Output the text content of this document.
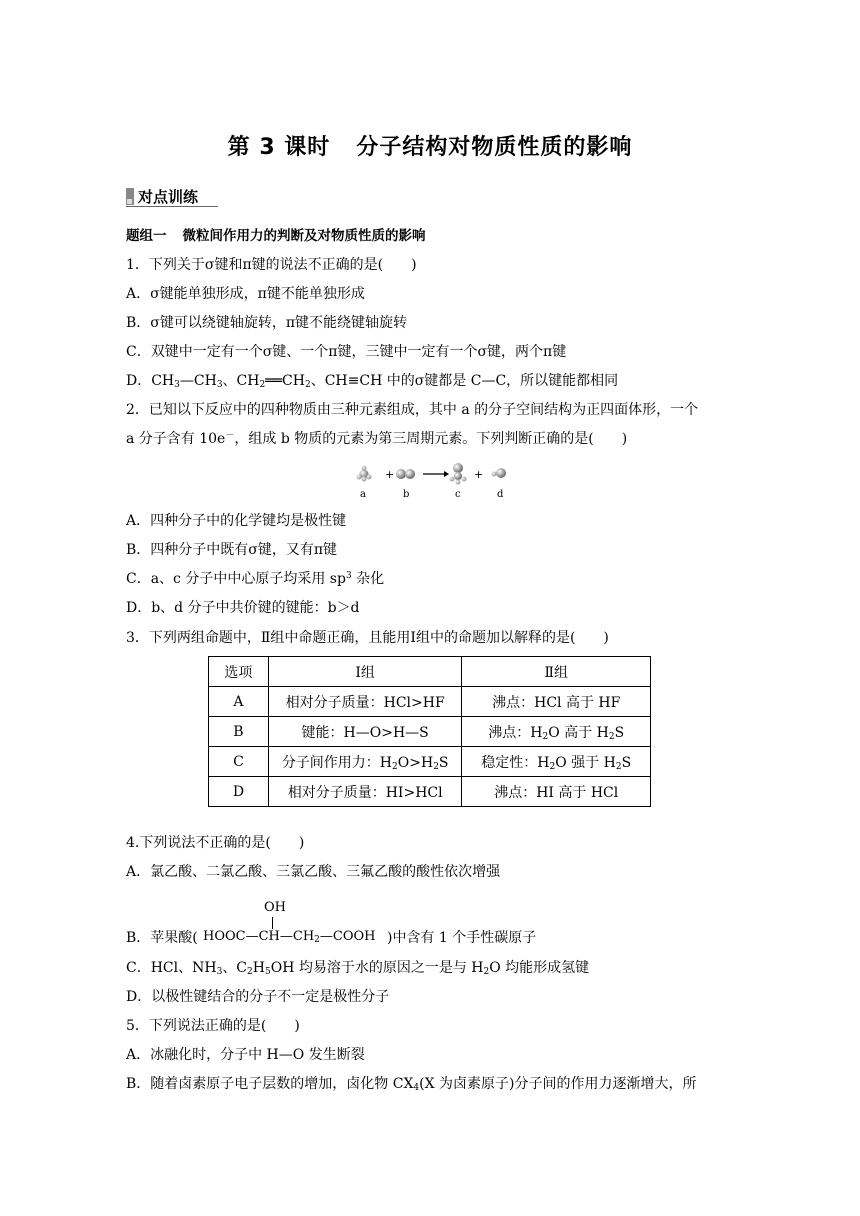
第 3 课时 分子结构对物质性质的影响
对点训练
题组一 微粒间作用力的判断及对物质性质的影响
1．下列关于σ键和π键的说法不正确的是(　　)
A．σ键能单独形成，π键不能单独形成
B．σ键可以绕键轴旋转，π键不能绕键轴旋转
C．双键中一定有一个σ键、一个π键，三键中一定有一个σ键，两个π键
D．$CH_3—CH_3$、$CH_2══CH_2$、CH≡CH 中的σ键都是 C—C，所以键能都相同
2．已知以下反应中的四种物质由三种元素组成，其中 a 的分子空间结构为正四面体形，一个
a 分子含有 10e－，组成 b 物质的元素为第三周期元素。下列判断正确的是(　　)
+	+
a	b	c	d
A．四种分子中的化学键均是极性键
B．四种分子中既有σ键，又有π键
C．a、c 分子中中心原子均采用 $sp^3$ 杂化
D．b、d 分子中共价键的键能：b＞d
3．下列两组命题中，Ⅱ组中命题正确，且能用Ⅰ组中的命题加以解释的是(　　)
选项	Ⅰ组	Ⅱ组
A	相对分子质量：HCl>HF	沸点：HCl 高于 HF
B	键能：H—O>H—S	沸点：$H_2O$ 高于 $H_2S$
C	分子间作用力：$H_2O>H_2S$	稳定性：$H_2O$ 强于 $H_2S$
D	相对分子质量：HI>HCl	沸点：HI 高于 HCl
4.下列说法不正确的是(　　)
A．氯乙酸、二氯乙酸、三氯乙酸、三氟乙酸的酸性依次增强
B．苹果酸(
OH
$HOOC—CH—CH_2—COOH$ )中含有 1 个手性碳原子
C．HCl、$NH_3$、$C_2H_5OH$ 均易溶于水的原因之一是与 $H_2O$ 均能形成氢键
D．以极性键结合的分子不一定是极性分子
5．下列说法正确的是(　　)
A．冰融化时，分子中 H—O 发生断裂
B．随着卤素原子电子层数的增加，卤化物 $CX_4(X$ 为卤素原子)分子间的作用力逐渐增大，所
